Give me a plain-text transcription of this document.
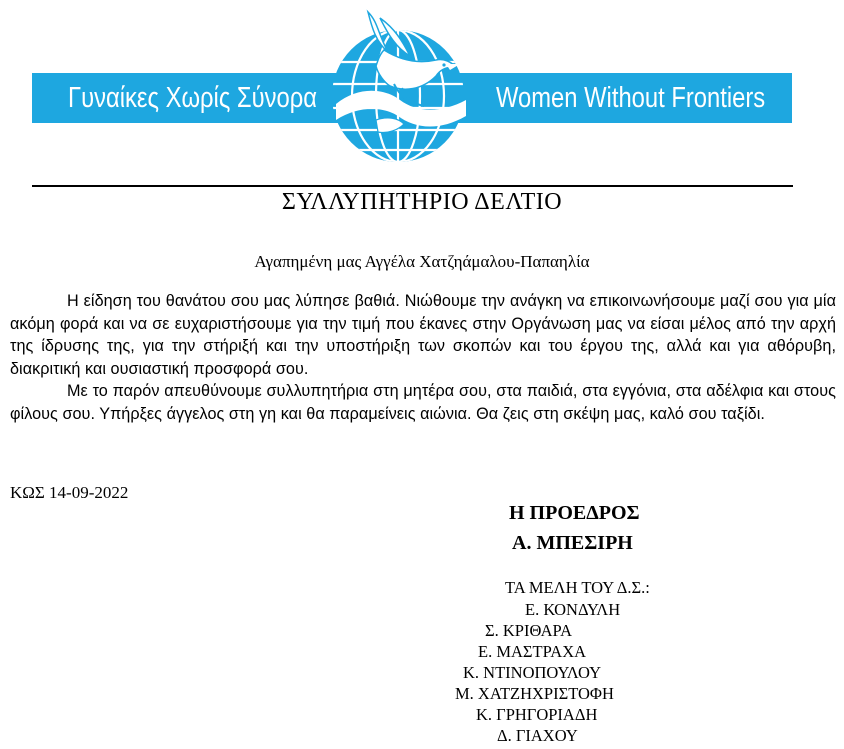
Γυναίκες Χωρίς Σύνορα	Women Without Frontiers
ΣΥΛΛΥΠΗΤΗΡΙΟ ΔΕΛΤΙΟ
Αγαπημένη μας Αγγέλα Χατζηάμαλου-Παπαηλία

Η είδηση του θανάτου σου μας λύπησε βαθιά. Νιώθουμε την ανάγκη να επικοινωνήσουμε μαζί σου για μία ακόμη φορά και να σε ευχαριστήσουμε για την τιμή που έκανες στην Οργάνωση μας να είσαι μέλος από την αρχή της ίδρυσης της, για την στήριξή και την υποστήριξη των σκοπών και του έργου της, αλλά και για αθόρυβη, διακριτική και ουσιαστική προσφορά σου.

Με το παρόν απευθύνουμε συλλυπητήρια στη μητέρα σου, στα παιδιά, στα εγγόνια, στα αδέλφια και στους φίλους σου. Υπήρξες άγγελος στη γη και θα παραμείνεις αιώνια. Θα ζεις στη σκέψη μας, καλό σου ταξίδι.

ΚΩΣ 14-09-2022
Η ΠΡΟΕΔΡΟΣ
Α. ΜΠΕΣΙΡΗ
ΤΑ ΜΕΛΗ ΤΟΥ Δ.Σ.:
Ε. ΚΟΝΔΥΛΗ
Σ. ΚΡΙΘΑΡΑ
Ε. ΜΑΣΤΡΑΧΑ
Κ. ΝΤΙΝΟΠΟΥΛΟΥ
Μ. ΧΑΤΖΗΧΡΙΣΤΟΦΗ
Κ. ΓΡΗΓΟΡΙΑΔΗ
Δ. ΓΙΑΧΟΥ
